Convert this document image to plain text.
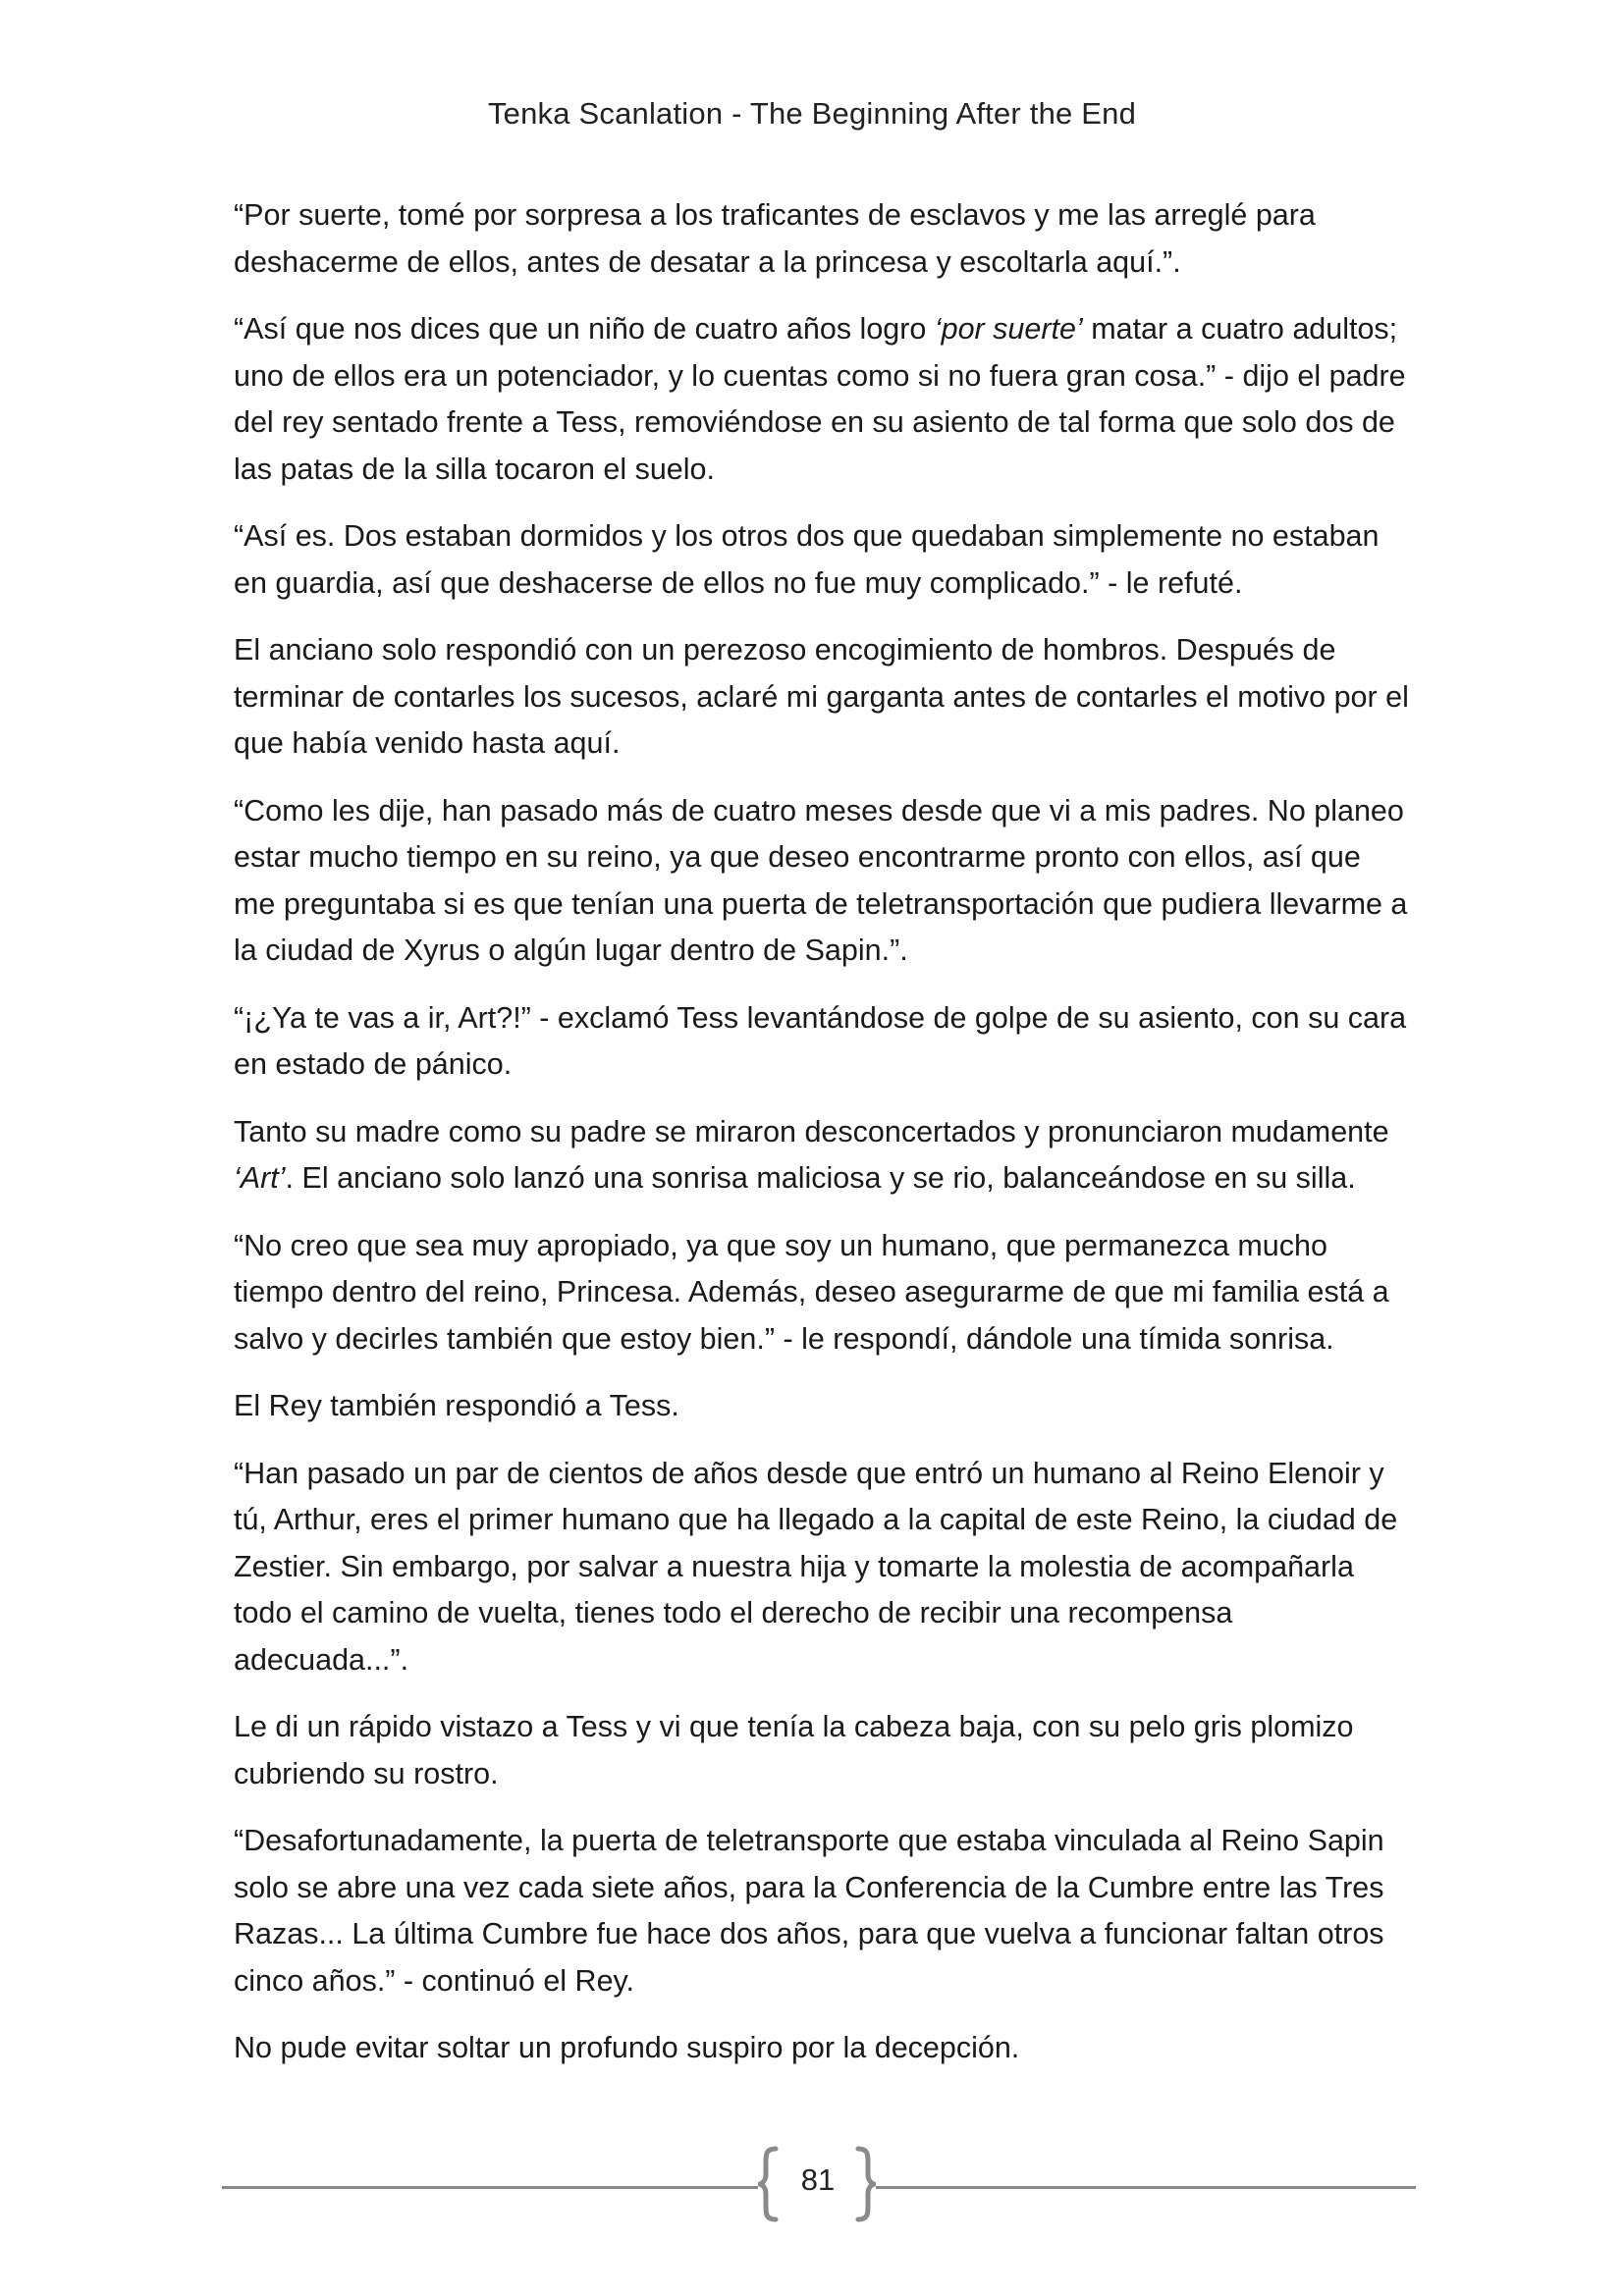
Tenka Scanlation - The Beginning After the End

“Por suerte, tomé por sorpresa a los traficantes de esclavos y me las arreglé para deshacerme de ellos, antes de desatar a la princesa y escoltarla aquí.”.

“Así que nos dices que un niño de cuatro años logro ‘por suerte’ matar a cuatro adultos; uno de ellos era un potenciador, y lo cuentas como si no fuera gran cosa.” - dijo el padre del rey sentado frente a Tess, removiéndose en su asiento de tal forma que solo dos de las patas de la silla tocaron el suelo.

“Así es. Dos estaban dormidos y los otros dos que quedaban simplemente no estaban en guardia, así que deshacerse de ellos no fue muy complicado.” - le refuté.

El anciano solo respondió con un perezoso encogimiento de hombros. Después de terminar de contarles los sucesos, aclaré mi garganta antes de contarles el motivo por el que había venido hasta aquí.

“Como les dije, han pasado más de cuatro meses desde que vi a mis padres. No planeo estar mucho tiempo en su reino, ya que deseo encontrarme pronto con ellos, así que me preguntaba si es que tenían una puerta de teletransportación que pudiera llevarme a la ciudad de Xyrus o algún lugar dentro de Sapin.”.

“¡¿Ya te vas a ir, Art?!” - exclamó Tess levantándose de golpe de su asiento, con su cara en estado de pánico.

Tanto su madre como su padre se miraron desconcertados y pronunciaron mudamente ‘Art’. El anciano solo lanzó una sonrisa maliciosa y se rio, balanceándose en su silla.

“No creo que sea muy apropiado, ya que soy un humano, que permanezca mucho tiempo dentro del reino, Princesa. Además, deseo asegurarme de que mi familia está a salvo y decirles también que estoy bien.” - le respondí, dándole una tímida sonrisa.

El Rey también respondió a Tess.

“Han pasado un par de cientos de años desde que entró un humano al Reino Elenoir y tú, Arthur, eres el primer humano que ha llegado a la capital de este Reino, la ciudad de Zestier. Sin embargo, por salvar a nuestra hija y tomarte la molestia de acompañarla todo el camino de vuelta, tienes todo el derecho de recibir una recompensa adecuada...”.

Le di un rápido vistazo a Tess y vi que tenía la cabeza baja, con su pelo gris plomizo cubriendo su rostro.

“Desafortunadamente, la puerta de teletransporte que estaba vinculada al Reino Sapin solo se abre una vez cada siete años, para la Conferencia de la Cumbre entre las Tres Razas... La última Cumbre fue hace dos años, para que vuelva a funcionar faltan otros cinco años.” - continuó el Rey.

No pude evitar soltar un profundo suspiro por la decepción.

81
